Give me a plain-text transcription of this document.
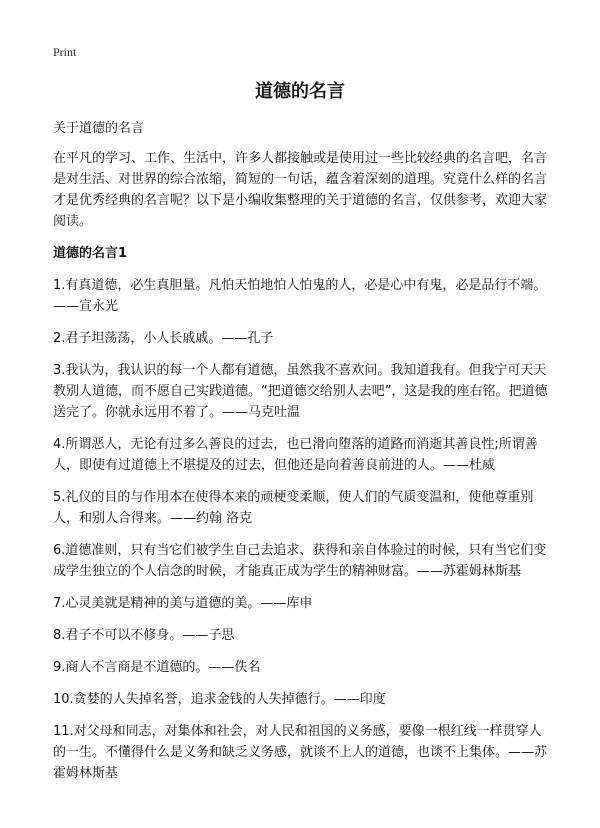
Print
道德的名言

关于道德的名言

在平凡的学习、工作、生活中，许多人都接触或是使用过一些比较经典的名言吧，名言是对生活、对世界的综合浓缩，简短的一句话，蕴含着深刻的道理。究竟什么样的名言才是优秀经典的名言呢？以下是小编收集整理的关于道德的名言，仅供参考，欢迎大家阅读。

道德的名言1

1.有真道德，必生真胆量。凡怕天怕地怕人怕鬼的人，必是心中有鬼，必是品行不端。——宣永光

2.君子坦荡荡，小人长戚戚。——孔子

3.我认为，我认识的每一个人都有道德，虽然我不喜欢问。我知道我有。但我宁可天天教别人道德，而不愿自己实践道德。“把道德交给别人去吧”，这是我的座右铭。把道德送完了。你就永远用不着了。——马克吐温

4.所谓恶人，无论有过多么善良的过去，也已滑向堕落的道路而消逝其善良性;所谓善人，即使有过道德上不堪提及的过去，但他还是向着善良前进的人。——杜威

5.礼仪的目的与作用本在使得本来的顽梗变柔顺，使人们的气质变温和，使他尊重别人，和别人合得来。——约翰 洛克

6.道德准则，只有当它们被学生自己去追求、获得和亲自体验过的时候，只有当它们变成学生独立的个人信念的时候，才能真正成为学生的精神财富。——苏霍姆林斯基

7.心灵美就是精神的美与道德的美。——库申

8.君子不可以不修身。——子思

9.商人不言商是不道德的。——佚名

10.贪婪的人失掉名誉，追求金钱的人失掉德行。——印度

11.对父母和同志，对集体和社会，对人民和祖国的义务感，要像一根红线一样贯穿人的一生。不懂得什么是义务和缺乏义务感，就谈不上人的道德，也谈不上集体。——苏霍姆林斯基
